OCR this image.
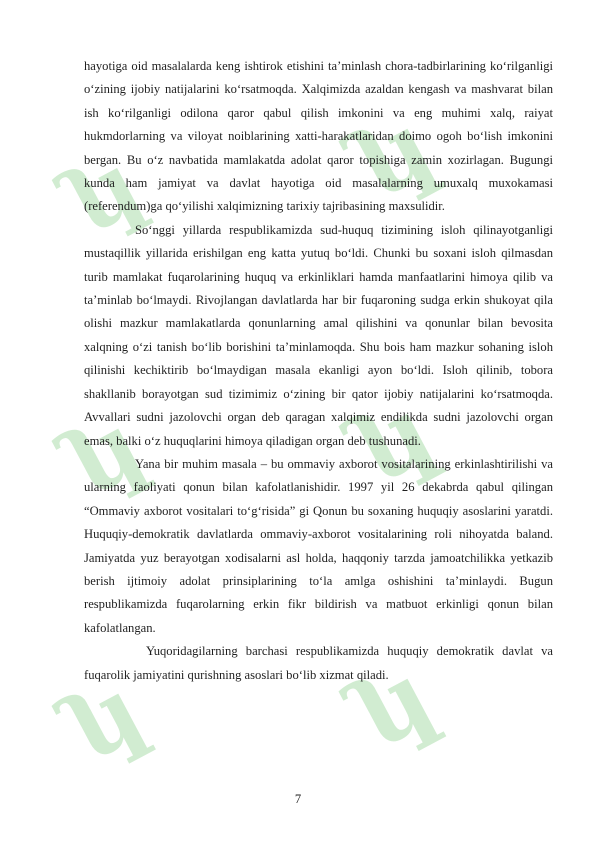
ʮ ʮ
ʮ ʮ
ʮ ʮ

hayotiga oid masalalarda keng ishtirok etishini ta’minlash chora-tadbirlarining ko‘rilganligi o‘zining ijobiy natijalarini ko‘rsatmoqda. Xalqimizda azaldan kengash va mashvarat bilan ish ko‘rilganligi odilona qaror qabul qilish imkonini va eng muhimi xalq, raiyat hukmdorlarning va viloyat noiblarining xatti-harakatlaridan doimo ogoh bo‘lish imkonini bergan. Bu o‘z navbatida mamlakatda adolat qaror topishiga zamin xozirlagan. Bugungi kunda ham jamiyat va davlat hayotiga oid masalalarning umuxalq muxokamasi (referendum)ga qo‘yilishi xalqimizning tarixiy tajribasining maxsulidir.

So‘nggi yillarda respublikamizda sud-huquq tizimining isloh qilinayotganligi mustaqillik yillarida erishilgan eng katta yutuq bo‘ldi. Chunki bu soxani isloh qilmasdan turib mamlakat fuqarolarining huquq va erkinliklari hamda manfaatlarini himoya qilib va ta’minlab bo‘lmaydi. Rivojlangan davlatlarda har bir fuqaroning sudga erkin shukoyat qila olishi mazkur mamlakatlarda qonunlarning amal qilishini va qonunlar bilan bevosita xalqning o‘zi tanish bo‘lib borishini ta’minlamoqda. Shu bois ham mazkur sohaning isloh qilinishi kechiktirib bo‘lmaydigan masala ekanligi ayon bo‘ldi. Isloh qilinib, tobora shakllanib borayotgan sud tizimimiz o‘zining bir qator ijobiy natijalarini ko‘rsatmoqda. Avvallari sudni jazolovchi organ deb qaragan xalqimiz endilikda sudni jazolovchi organ emas, balki o‘z huquqlarini himoya qiladigan organ deb tushunadi.

Yana bir muhim masala – bu ommaviy axborot vositalarining erkinlashtirilishi va ularning faoliyati qonun bilan kafolatlanishidir. 1997 yil 26 dekabrda qabul qilingan “Ommaviy axborot vositalari to‘g‘risida” gi Qonun bu soxaning huquqiy asoslarini yaratdi. Huquqiy-demokratik davlatlarda ommaviy-axborot vositalarining roli nihoyatda baland. Jamiyatda yuz berayotgan xodisalarni asl holda, haqqoniy tarzda jamoatchilikka yetkazib berish ijtimoiy adolat prinsiplarining to‘la amlga oshishini ta’minlaydi. Bugun respublikamizda fuqarolarning erkin fikr bildirish va matbuot erkinligi qonun bilan kafolatlangan.

Yuqoridagilarning barchasi respublikamizda huquqiy demokratik davlat va fuqarolik jamiyatini qurishning asoslari bo‘lib xizmat qiladi.

7
